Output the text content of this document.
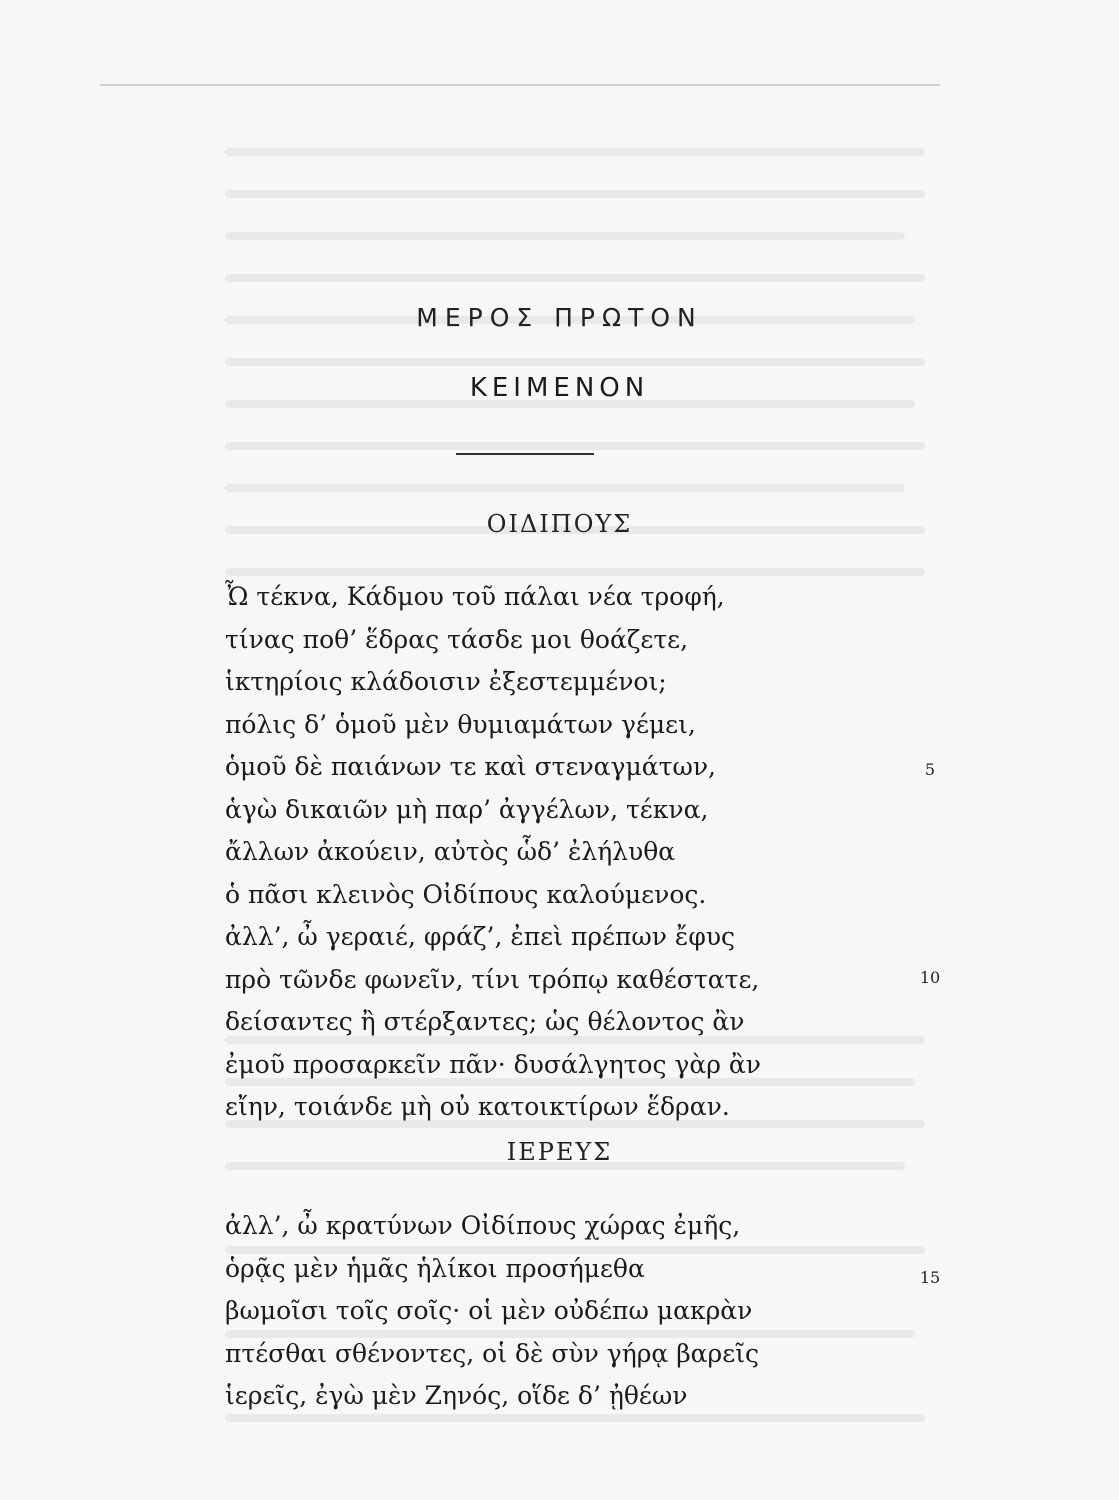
ΜΕΡΟΣ ΠΡΩΤΟΝ
ΚΕΙΜΕΝΟΝ
ΟΙΔΙΠΟΥΣ
Ὦ τέκνα, Κάδμου τοῦ πάλαι νέα τροφή,
τίνας ποθ’ ἕδρας τάσδε μοι θοάζετε,
ἱκτηρίοις κλάδοισιν ἐξεστεμμένοι;
πόλις δ’ ὁμοῦ μὲν θυμιαμάτων γέμει,
ὁμοῦ δὲ παιάνων τε καὶ στεναγμάτων,
ἁγὼ δικαιῶν μὴ παρ’ ἀγγέλων, τέκνα,
ἄλλων ἀκούειν, αὐτὸς ὧδ’ ἐλήλυθα
ὁ πᾶσι κλεινὸς Οἰδίπους καλούμενος.
ἀλλ’, ὦ γεραιέ, φράζ’, ἐπεὶ πρέπων ἔφυς
πρὸ τῶνδε φωνεῖν, τίνι τρόπῳ καθέστατε,
δείσαντες ἢ στέρξαντες; ὡς θέλοντος ἂν
ἐμοῦ προσαρκεῖν πᾶν· δυσάλγητος γὰρ ἂν
εἴην, τοιάνδε μὴ οὐ κατοικτίρων ἕδραν.
ΙΕΡΕΥΣ
ἀλλ’, ὦ κρατύνων Οἰδίπους χώρας ἐμῆς,
ὁρᾷς μὲν ἡμᾶς ἡλίκοι προσήμεθα
βωμοῖσι τοῖς σοῖς· οἱ μὲν οὐδέπω μακρὰν
πτέσθαι σθένοντες, οἱ δὲ σὺν γήρᾳ βαρεῖς
ἱερεῖς, ἐγὼ μὲν Ζηνός, οἵδε δ’ ᾐθέων
5
10
15
